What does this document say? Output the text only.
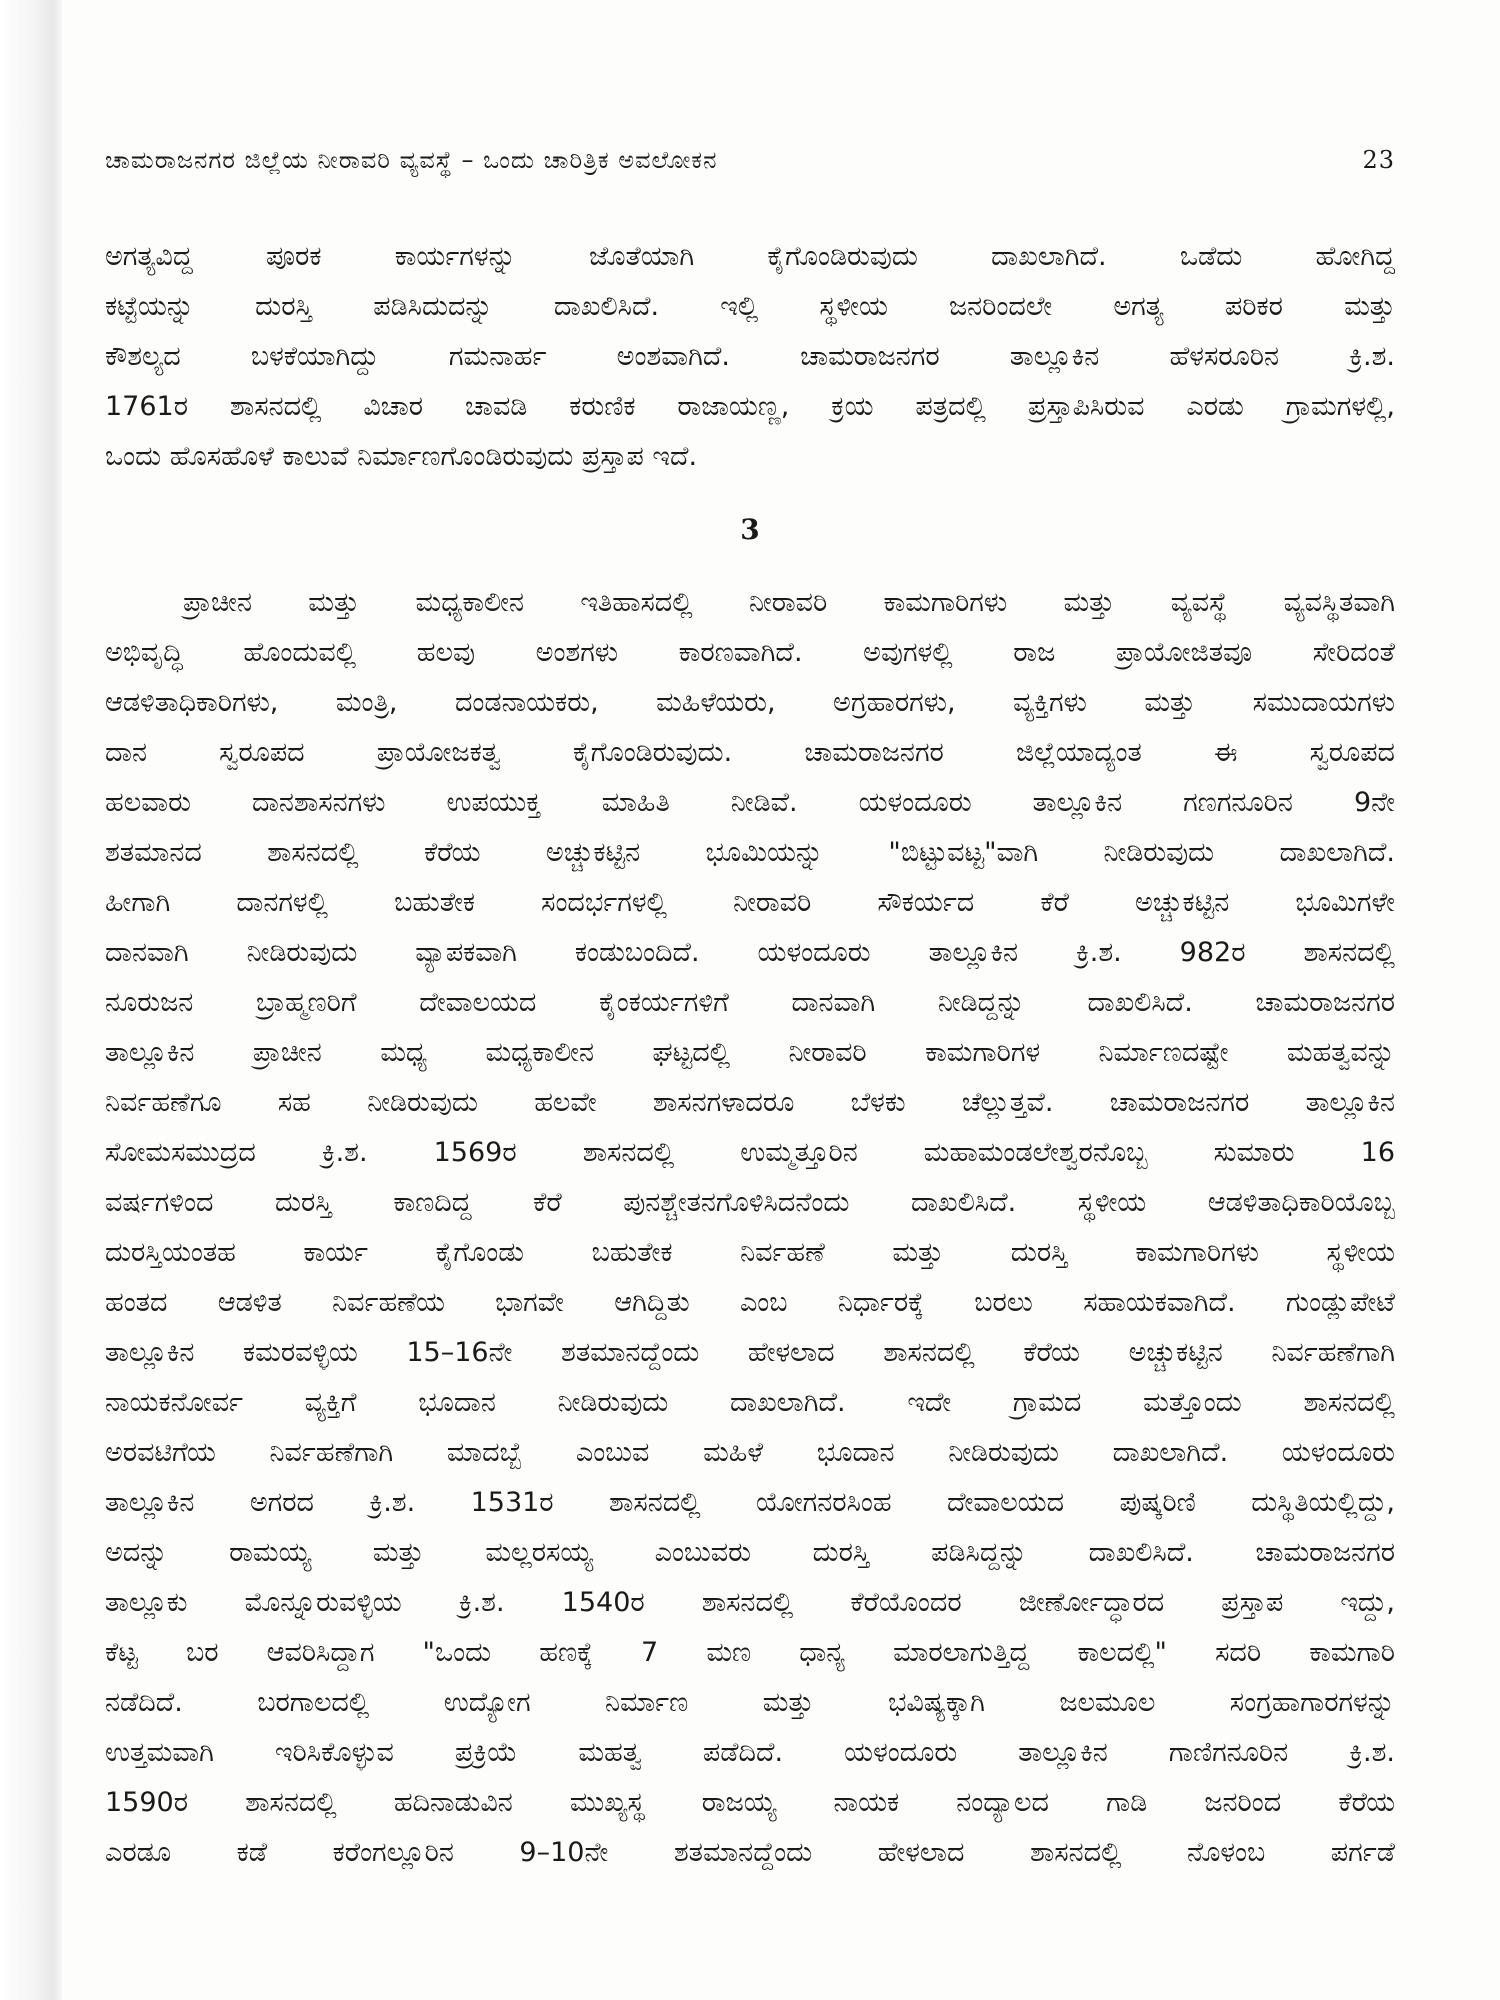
ಚಾಮರಾಜನಗರ ಜಿಲ್ಲೆಯ ನೀರಾವರಿ ವ್ಯವಸ್ಥೆ – ಒಂದು ಚಾರಿತ್ರಿಕ ಅವಲೋಕನ	23
ಅಗತ್ಯವಿದ್ದ ಪೂರಕ ಕಾರ್ಯಗಳನ್ನು ಜೊತೆಯಾಗಿ ಕೈಗೊಂಡಿರುವುದು ದಾಖಲಾಗಿದೆ. ಒಡೆದು ಹೋಗಿದ್ದ
ಕಟ್ಟೆಯನ್ನು ದುರಸ್ತಿ ಪಡಿಸಿದುದನ್ನು ದಾಖಲಿಸಿದೆ. ಇಲ್ಲಿ ಸ್ಥಳೀಯ ಜನರಿಂದಲೇ ಅಗತ್ಯ ಪರಿಕರ ಮತ್ತು
ಕೌಶಲ್ಯದ ಬಳಕೆಯಾಗಿದ್ದು ಗಮನಾರ್ಹ ಅಂಶವಾಗಿದೆ. ಚಾಮರಾಜನಗರ ತಾಲ್ಲೂಕಿನ ಹೆಳಸರೂರಿನ ಕ್ರಿ.ಶ.
1761ರ ಶಾಸನದಲ್ಲಿ ವಿಚಾರ ಚಾವಡಿ ಕರುಣಿಕ ರಾಜಾಯಣ್ಣ, ಕ್ರಯ ಪತ್ರದಲ್ಲಿ ಪ್ರಸ್ತಾಪಿಸಿರುವ ಎರಡು ಗ್ರಾಮಗಳಲ್ಲಿ,
ಒಂದು ಹೊಸಹೊಳೆ ಕಾಲುವೆ ನಿರ್ಮಾಣಗೊಂಡಿರುವುದು ಪ್ರಸ್ತಾಪ ಇದೆ.
3
ಪ್ರಾಚೀನ ಮತ್ತು ಮಧ್ಯಕಾಲೀನ ಇತಿಹಾಸದಲ್ಲಿ ನೀರಾವರಿ ಕಾಮಗಾರಿಗಳು ಮತ್ತು ವ್ಯವಸ್ಥೆ ವ್ಯವಸ್ಥಿತವಾಗಿ
ಅಭಿವೃದ್ಧಿ ಹೊಂದುವಲ್ಲಿ ಹಲವು ಅಂಶಗಳು ಕಾರಣವಾಗಿದೆ. ಅವುಗಳಲ್ಲಿ ರಾಜ ಪ್ರಾಯೋಜಿತವೂ ಸೇರಿದಂತೆ
ಆಡಳಿತಾಧಿಕಾರಿಗಳು, ಮಂತ್ರಿ, ದಂಡನಾಯಕರು, ಮಹಿಳೆಯರು, ಅಗ್ರಹಾರಗಳು, ವ್ಯಕ್ತಿಗಳು ಮತ್ತು ಸಮುದಾಯಗಳು
ದಾನ ಸ್ವರೂಪದ ಪ್ರಾಯೋಜಕತ್ವ ಕೈಗೊಂಡಿರುವುದು. ಚಾಮರಾಜನಗರ ಜಿಲ್ಲೆಯಾದ್ಯಂತ ಈ ಸ್ವರೂಪದ
ಹಲವಾರು ದಾನಶಾಸನಗಳು ಉಪಯುಕ್ತ ಮಾಹಿತಿ ನೀಡಿವೆ. ಯಳಂದೂರು ತಾಲ್ಲೂಕಿನ ಗಣಗನೂರಿನ 9ನೇ
ಶತಮಾನದ ಶಾಸನದಲ್ಲಿ ಕೆರೆಯ ಅಚ್ಚುಕಟ್ಟಿನ ಭೂಮಿಯನ್ನು "ಬಿಟ್ಟುವಟ್ಟ"ವಾಗಿ ನೀಡಿರುವುದು ದಾಖಲಾಗಿದೆ.
ಹೀಗಾಗಿ ದಾನಗಳಲ್ಲಿ ಬಹುತೇಕ ಸಂದರ್ಭಗಳಲ್ಲಿ ನೀರಾವರಿ ಸೌಕರ್ಯದ ಕೆರೆ ಅಚ್ಚುಕಟ್ಟಿನ ಭೂಮಿಗಳೇ
ದಾನವಾಗಿ ನೀಡಿರುವುದು ವ್ಯಾಪಕವಾಗಿ ಕಂಡುಬಂದಿದೆ. ಯಳಂದೂರು ತಾಲ್ಲೂಕಿನ ಕ್ರಿ.ಶ. 982ರ ಶಾಸನದಲ್ಲಿ
ನೂರುಜನ ಬ್ರಾಹ್ಮಣರಿಗೆ ದೇವಾಲಯದ ಕೈಂಕರ್ಯಗಳಿಗೆ ದಾನವಾಗಿ ನೀಡಿದ್ದನ್ನು ದಾಖಲಿಸಿದೆ. ಚಾಮರಾಜನಗರ
ತಾಲ್ಲೂಕಿನ ಪ್ರಾಚೀನ ಮಧ್ಯ ಮಧ್ಯಕಾಲೀನ ಘಟ್ಟದಲ್ಲಿ ನೀರಾವರಿ ಕಾಮಗಾರಿಗಳ ನಿರ್ಮಾಣದಷ್ಟೇ ಮಹತ್ವವನ್ನು
ನಿರ್ವಹಣೆಗೂ ಸಹ ನೀಡಿರುವುದು ಹಲವೇ ಶಾಸನಗಳಾದರೂ ಬೆಳಕು ಚೆಲ್ಲುತ್ತವೆ. ಚಾಮರಾಜನಗರ ತಾಲ್ಲೂಕಿನ
ಸೋಮಸಮುದ್ರದ ಕ್ರಿ.ಶ. 1569ರ ಶಾಸನದಲ್ಲಿ ಉಮ್ಮತ್ತೂರಿನ ಮಹಾಮಂಡಲೇಶ್ವರನೊಬ್ಬ ಸುಮಾರು 16
ವರ್ಷಗಳಿಂದ ದುರಸ್ತಿ ಕಾಣದಿದ್ದ ಕೆರೆ ಪುನಶ್ಚೇತನಗೊಳಿಸಿದನೆಂದು ದಾಖಲಿಸಿದೆ. ಸ್ಥಳೀಯ ಆಡಳಿತಾಧಿಕಾರಿಯೊಬ್ಬ
ದುರಸ್ತಿಯಂತಹ ಕಾರ್ಯ ಕೈಗೊಂಡು ಬಹುತೇಕ ನಿರ್ವಹಣೆ ಮತ್ತು ದುರಸ್ತಿ ಕಾಮಗಾರಿಗಳು ಸ್ಥಳೀಯ
ಹಂತದ ಆಡಳಿತ ನಿರ್ವಹಣೆಯ ಭಾಗವೇ ಆಗಿದ್ದಿತು ಎಂಬ ನಿರ್ಧಾರಕ್ಕೆ ಬರಲು ಸಹಾಯಕವಾಗಿದೆ. ಗುಂಡ್ಲುಪೇಟೆ
ತಾಲ್ಲೂಕಿನ ಕಮರವಳ್ಳಿಯ 15–16ನೇ ಶತಮಾನದ್ದೆಂದು ಹೇಳಲಾದ ಶಾಸನದಲ್ಲಿ ಕೆರೆಯ ಅಚ್ಚುಕಟ್ಟಿನ ನಿರ್ವಹಣೆಗಾಗಿ
ನಾಯಕನೋರ್ವ ವ್ಯಕ್ತಿಗೆ ಭೂದಾನ ನೀಡಿರುವುದು ದಾಖಲಾಗಿದೆ. ಇದೇ ಗ್ರಾಮದ ಮತ್ತೊಂದು ಶಾಸನದಲ್ಲಿ
ಅರವಟಿಗೆಯ ನಿರ್ವಹಣೆಗಾಗಿ ಮಾದಬ್ಬೆ ಎಂಬುವ ಮಹಿಳೆ ಭೂದಾನ ನೀಡಿರುವುದು ದಾಖಲಾಗಿದೆ. ಯಳಂದೂರು
ತಾಲ್ಲೂಕಿನ ಅಗರದ ಕ್ರಿ.ಶ. 1531ರ ಶಾಸನದಲ್ಲಿ ಯೋಗನರಸಿಂಹ ದೇವಾಲಯದ ಪುಷ್ಕರಿಣಿ ದುಸ್ಥಿತಿಯಲ್ಲಿದ್ದು,
ಅದನ್ನು ರಾಮಯ್ಯ ಮತ್ತು ಮಲ್ಲರಸಯ್ಯ ಎಂಬುವರು ದುರಸ್ತಿ ಪಡಿಸಿದ್ದನ್ನು ದಾಖಲಿಸಿದೆ. ಚಾಮರಾಜನಗರ
ತಾಲ್ಲೂಕು ಮೊನ್ನೂರುವಳ್ಳಿಯ ಕ್ರಿ.ಶ. 1540ರ ಶಾಸನದಲ್ಲಿ ಕೆರೆಯೊಂದರ ಜೀರ್ಣೋದ್ಧಾರದ ಪ್ರಸ್ತಾಪ ಇದ್ದು,
ಕೆಟ್ಟ ಬರ ಆವರಿಸಿದ್ದಾಗ "ಒಂದು ಹಣಕ್ಕೆ 7 ಮಣ ಧಾನ್ಯ ಮಾರಲಾಗುತ್ತಿದ್ದ ಕಾಲದಲ್ಲಿ" ಸದರಿ ಕಾಮಗಾರಿ
ನಡೆದಿದೆ. ಬರಗಾಲದಲ್ಲಿ ಉದ್ಯೋಗ ನಿರ್ಮಾಣ ಮತ್ತು ಭವಿಷ್ಯಕ್ಕಾಗಿ ಜಲಮೂಲ ಸಂಗ್ರಹಾಗಾರಗಳನ್ನು
ಉತ್ತಮವಾಗಿ ಇರಿಸಿಕೊಳ್ಳುವ ಪ್ರಕ್ರಿಯೆ ಮಹತ್ವ ಪಡೆದಿದೆ. ಯಳಂದೂರು ತಾಲ್ಲೂಕಿನ ಗಾಣಿಗನೂರಿನ ಕ್ರಿ.ಶ.
1590ರ ಶಾಸನದಲ್ಲಿ ಹದಿನಾಡುವಿನ ಮುಖ್ಯಸ್ಥ ರಾಜಯ್ಯ ನಾಯಕ ನಂದ್ಯಾಲದ ಗಾಡಿ ಜನರಿಂದ ಕೆರೆಯ
ಎರಡೂ ಕಡೆ ಕರೆಂಗಲ್ಲೂರಿನ 9–10ನೇ ಶತಮಾನದ್ದೆಂದು ಹೇಳಲಾದ ಶಾಸನದಲ್ಲಿ ನೊಳಂಬ ಪರ್ಗಡೆ
